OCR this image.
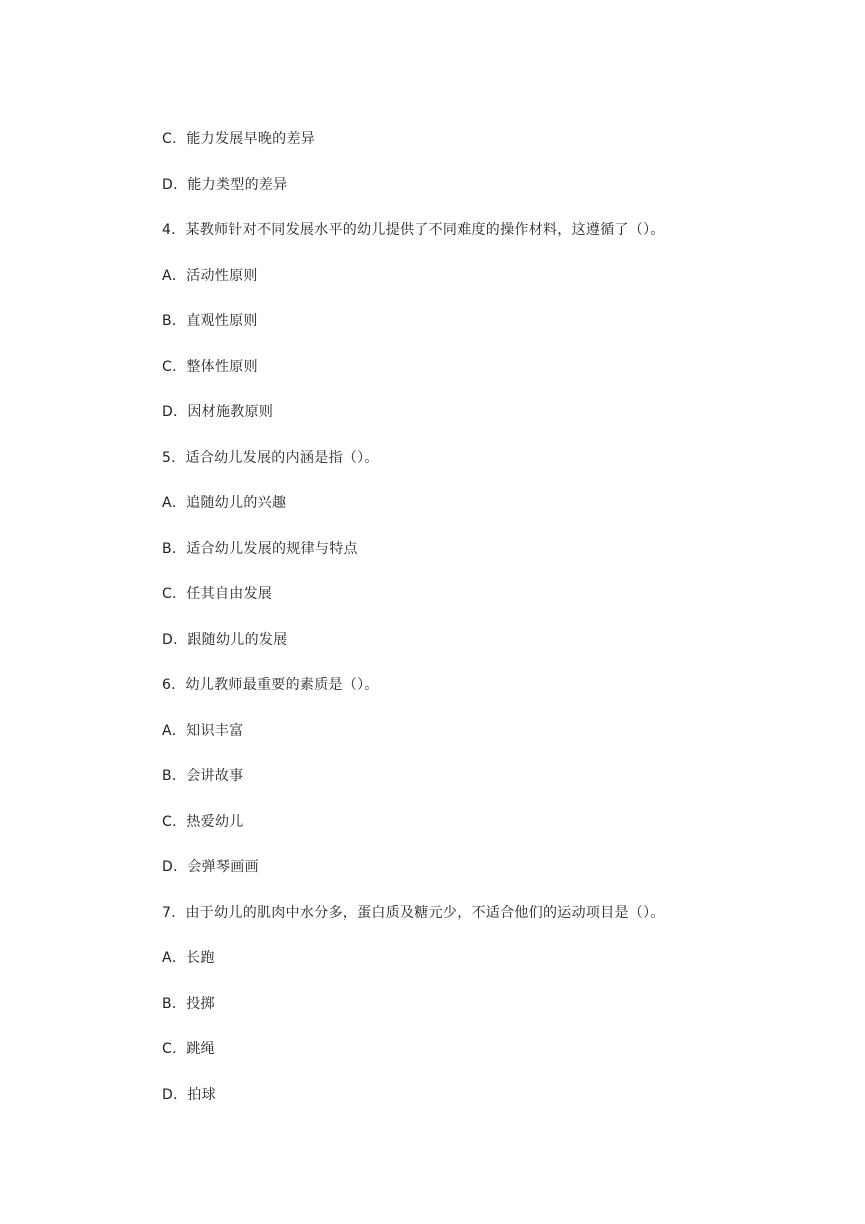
C．能力发展早晚的差异
D．能力类型的差异
4．某教师针对不同发展水平的幼儿提供了不同难度的操作材料，这遵循了（）。
A．活动性原则
B．直观性原则
C．整体性原则
D．因材施教原则
5．适合幼儿发展的内涵是指（）。
A．追随幼儿的兴趣
B．适合幼儿发展的规律与特点
C．任其自由发展
D．跟随幼儿的发展
6．幼儿教师最重要的素质是（）。
A．知识丰富
B．会讲故事
C．热爱幼儿
D．会弹琴画画
7．由于幼儿的肌肉中水分多，蛋白质及糖元少，不适合他们的运动项目是（）。
A．长跑
B．投掷
C．跳绳
D．拍球
